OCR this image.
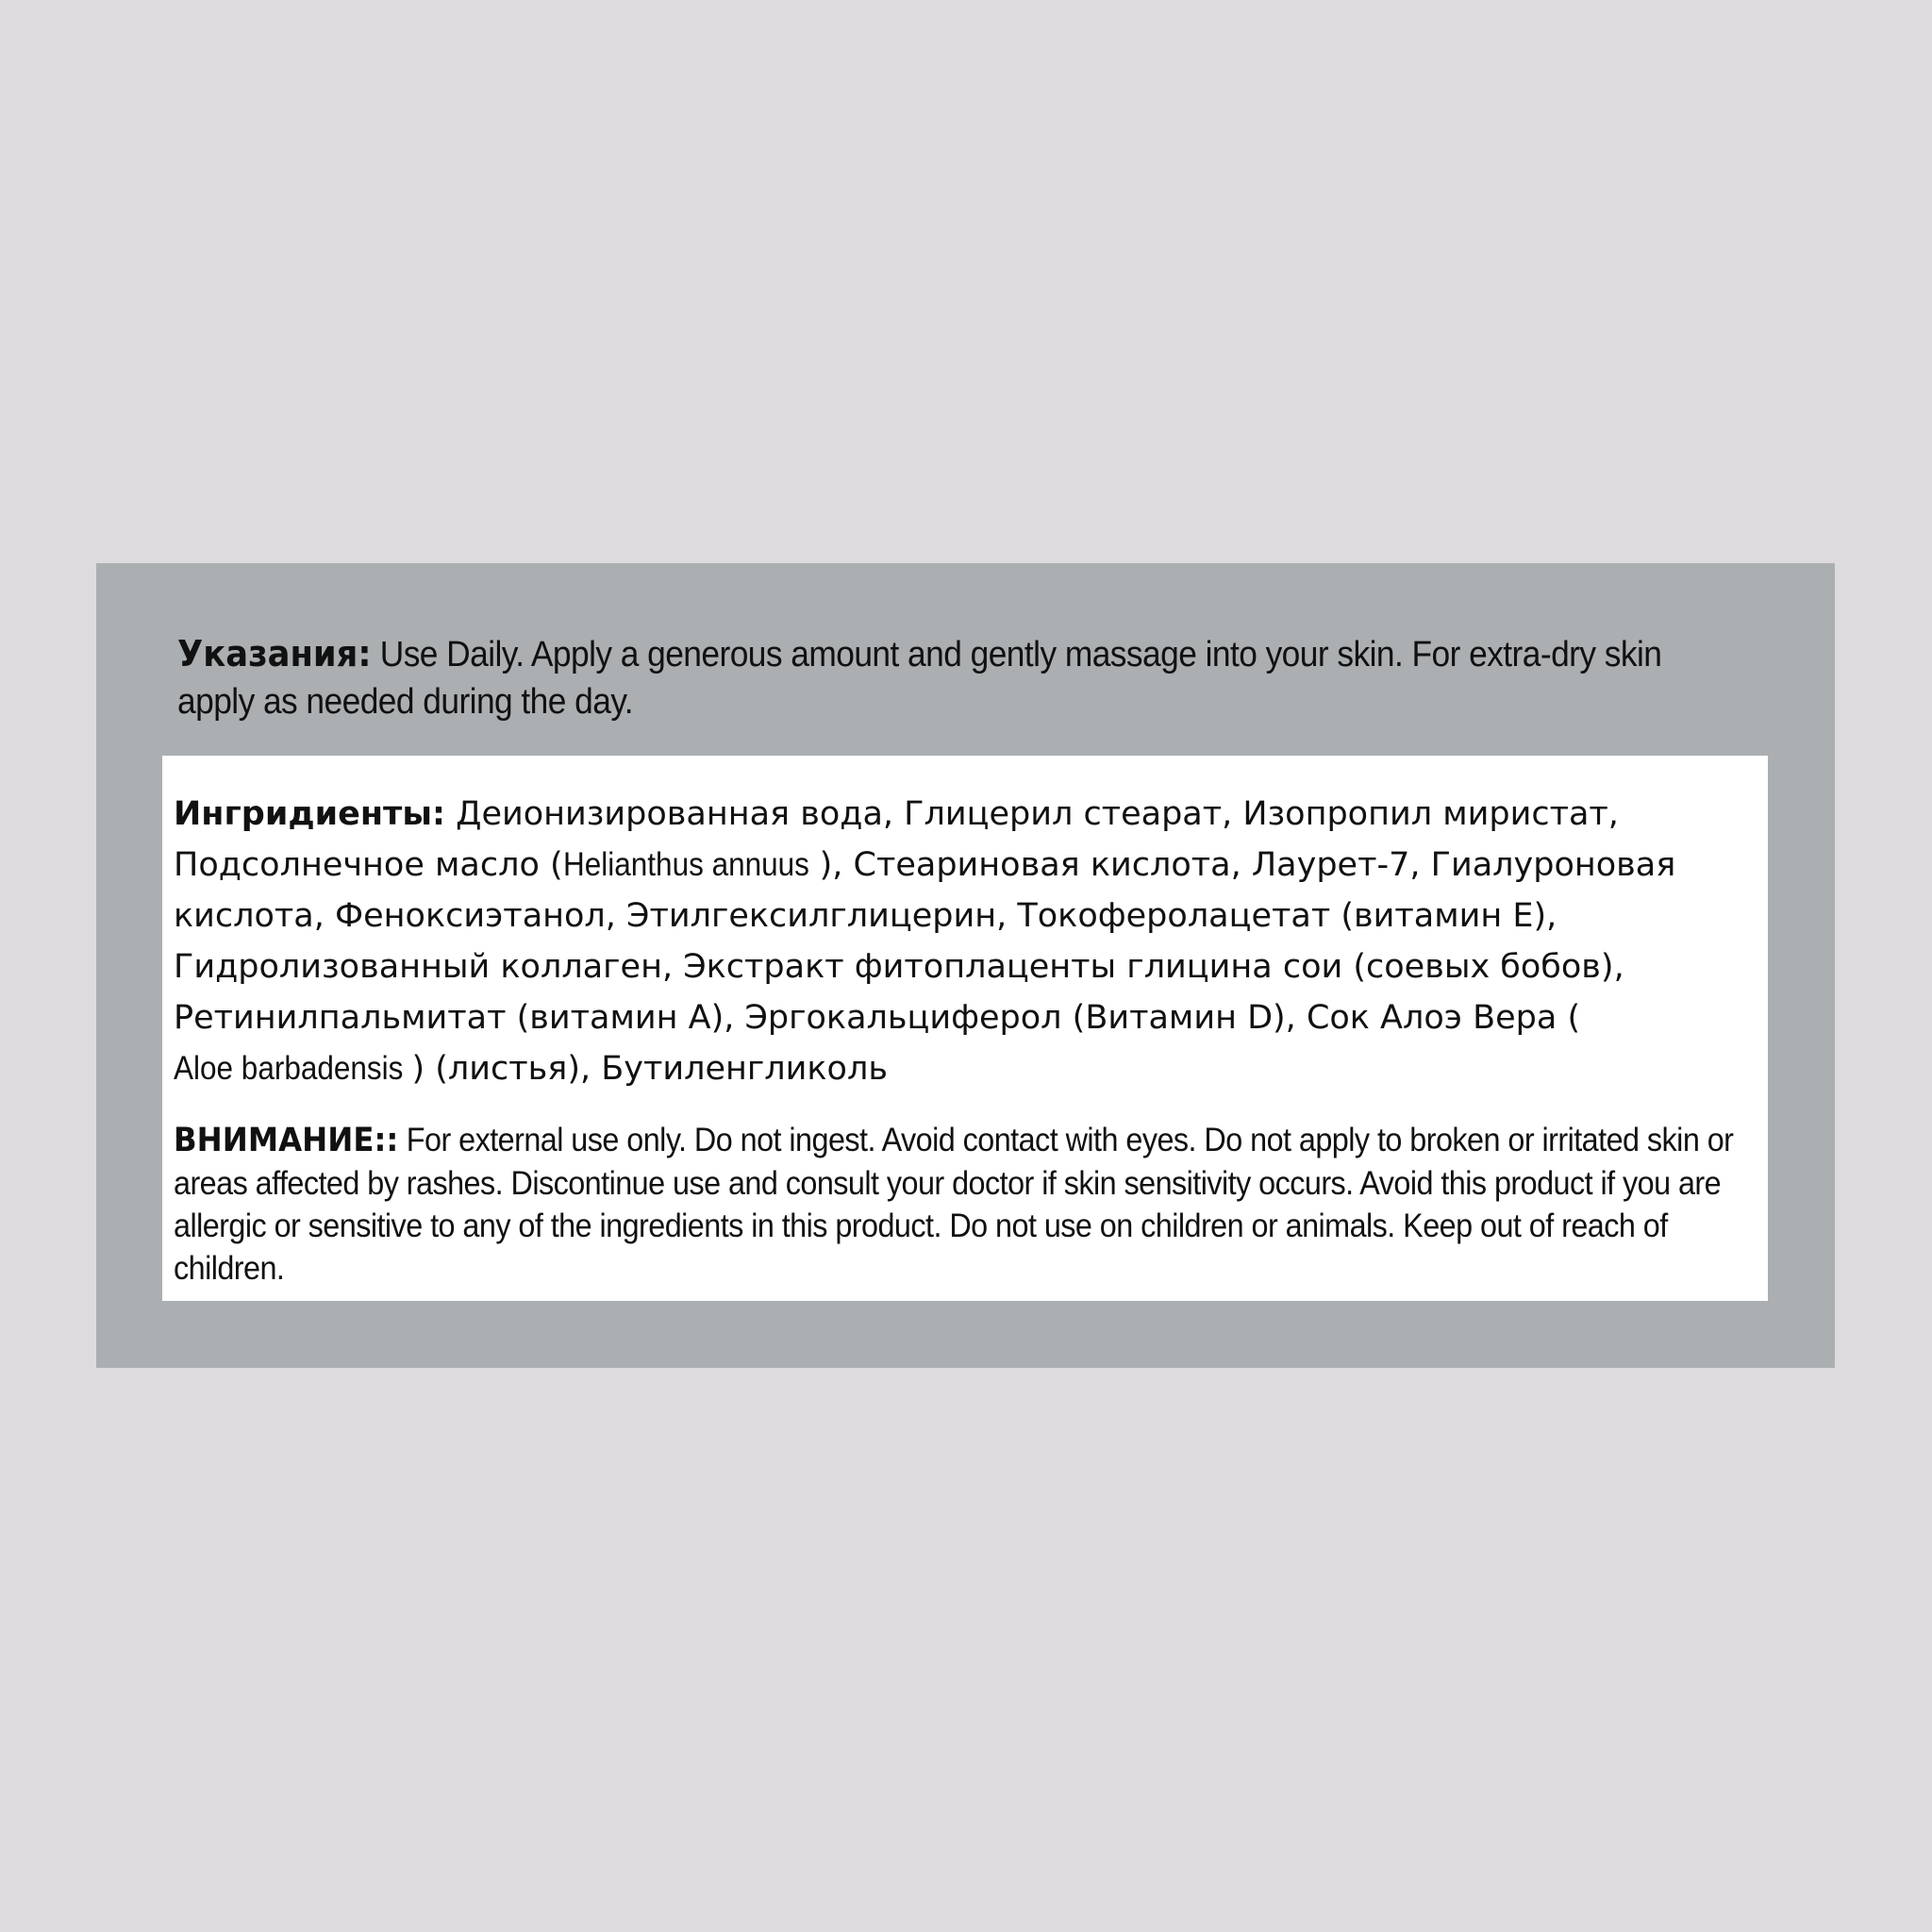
Указания: Use Daily. Apply a generous amount and gently massage into your skin. For extra-dry skin
apply as needed during the day.
Ингридиенты: Деионизированная вода, Глицерил стеарат, Изопропил миристат, Подсолнечное масло (Helianthus annuus ), Стеариновая кислота, Лаурет-7, Гиалуроновая кислота, Феноксиэтанол, Этилгексилглицерин, Токоферолацетат (витамин Е), Гидролизованный коллаген, Экстракт фитоплаценты глицина сои (соевых бобов), Ретинилпальмитат (витамин A), Эргокальциферол (Витамин D), Сок Алоэ Вера (Aloe barbadensis ) (листья), Бутиленгликоль
ВНИМАНИЕ:: For external use only. Do not ingest. Avoid contact with eyes. Do not apply to broken or irritated skin or areas affected by rashes. Discontinue use and consult your doctor if skin sensitivity occurs. Avoid this product if you are allergic or sensitive to any of the ingredients in this product. Do not use on children or animals. Keep out of reach of children.
